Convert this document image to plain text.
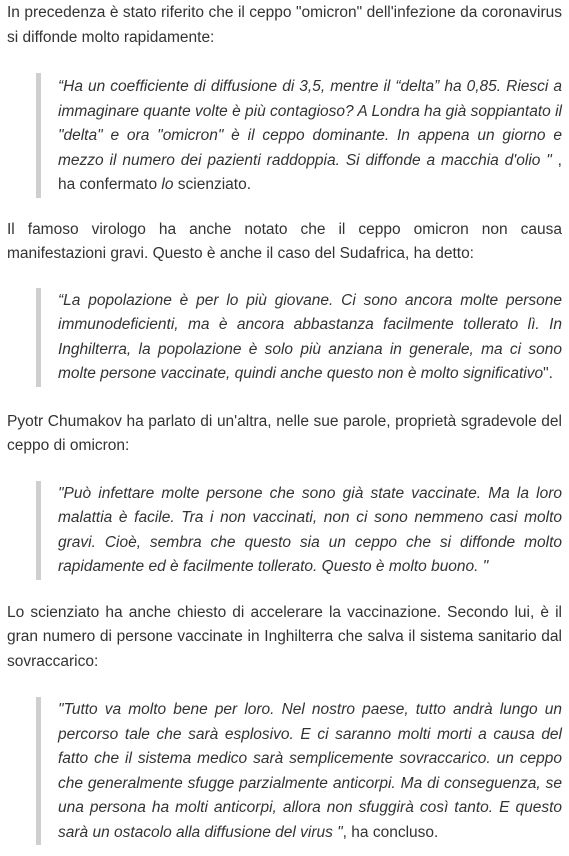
In precedenza è stato riferito che il ceppo "omicron" dell'infezione da coronavirus si diffonde molto rapidamente:

“Ha un coefficiente di diffusione di 3,5, mentre il “delta” ha 0,85. Riesci a immaginare quante volte è più contagioso? A Londra ha già soppiantato il "delta" e ora "omicron" è il ceppo dominante. In appena un giorno e mezzo il numero dei pazienti raddoppia. Si diffonde a macchia d'olio " , ha confermato lo scienziato.

Il famoso virologo ha anche notato che il ceppo omicron non causa manifestazioni gravi. Questo è anche il caso del Sudafrica, ha detto:

“La popolazione è per lo più giovane. Ci sono ancora molte persone immunodeficienti, ma è ancora abbastanza facilmente tollerato lì. In Inghilterra, la popolazione è solo più anziana in generale, ma ci sono molte persone vaccinate, quindi anche questo non è molto significativo".

Pyotr Chumakov ha parlato di un'altra, nelle sue parole, proprietà sgradevole del ceppo di omicron:

"Può infettare molte persone che sono già state vaccinate. Ma la loro malattia è facile. Tra i non vaccinati, non ci sono nemmeno casi molto gravi. Cioè, sembra che questo sia un ceppo che si diffonde molto rapidamente ed è facilmente tollerato. Questo è molto buono. "

Lo scienziato ha anche chiesto di accelerare la vaccinazione. Secondo lui, è il gran numero di persone vaccinate in Inghilterra che salva il sistema sanitario dal sovraccarico:

"Tutto va molto bene per loro. Nel nostro paese, tutto andrà lungo un percorso tale che sarà esplosivo. E ci saranno molti morti a causa del fatto che il sistema medico sarà semplicemente sovraccarico. un ceppo che generalmente sfugge parzialmente anticorpi. Ma di conseguenza, se una persona ha molti anticorpi, allora non sfuggirà così tanto. E questo sarà un ostacolo alla diffusione del virus ", ha concluso.
